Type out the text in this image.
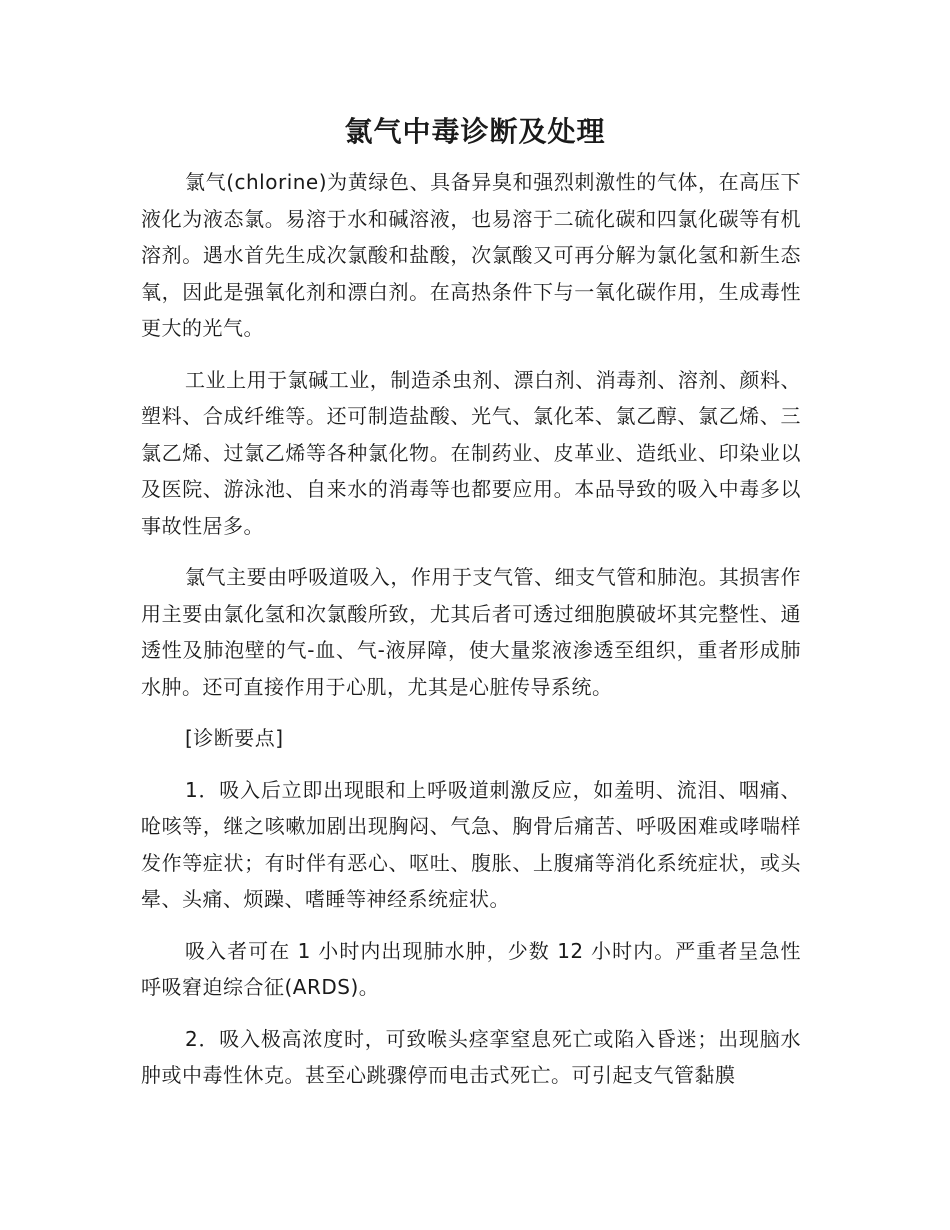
氯气中毒诊断及处理

氯气(chlorine)为黄绿色、具备异臭和强烈刺激性的气体，在高压下液化为液态氯。易溶于水和碱溶液，也易溶于二硫化碳和四氯化碳等有机溶剂。遇水首先生成次氯酸和盐酸，次氯酸又可再分解为氯化氢和新生态氧，因此是强氧化剂和漂白剂。在高热条件下与一氧化碳作用，生成毒性更大的光气。

工业上用于氯碱工业，制造杀虫剂、漂白剂、消毒剂、溶剂、颜料、塑料、合成纤维等。还可制造盐酸、光气、氯化苯、氯乙醇、氯乙烯、三氯乙烯、过氯乙烯等各种氯化物。在制药业、皮革业、造纸业、印染业以及医院、游泳池、自来水的消毒等也都要应用。本品导致的吸入中毒多以事故性居多。

氯气主要由呼吸道吸入，作用于支气管、细支气管和肺泡。其损害作用主要由氯化氢和次氯酸所致，尤其后者可透过细胞膜破坏其完整性、通透性及肺泡壁的气-血、气-液屏障，使大量浆液渗透至组织，重者形成肺水肿。还可直接作用于心肌，尤其是心脏传导系统。

[诊断要点]

1．吸入后立即出现眼和上呼吸道刺激反应，如羞明、流泪、咽痛、呛咳等，继之咳嗽加剧出现胸闷、气急、胸骨后痛苦、呼吸困难或哮喘样发作等症状；有时伴有恶心、呕吐、腹胀、上腹痛等消化系统症状，或头晕、头痛、烦躁、嗜睡等神经系统症状。

吸入者可在 1 小时内出现肺水肿，少数 12 小时内。严重者呈急性呼吸窘迫综合征(ARDS)。

2．吸入极高浓度时，可致喉头痉挛窒息死亡或陷入昏迷；出现脑水肿或中毒性休克。甚至心跳骤停而电击式死亡。可引起支气管黏膜
